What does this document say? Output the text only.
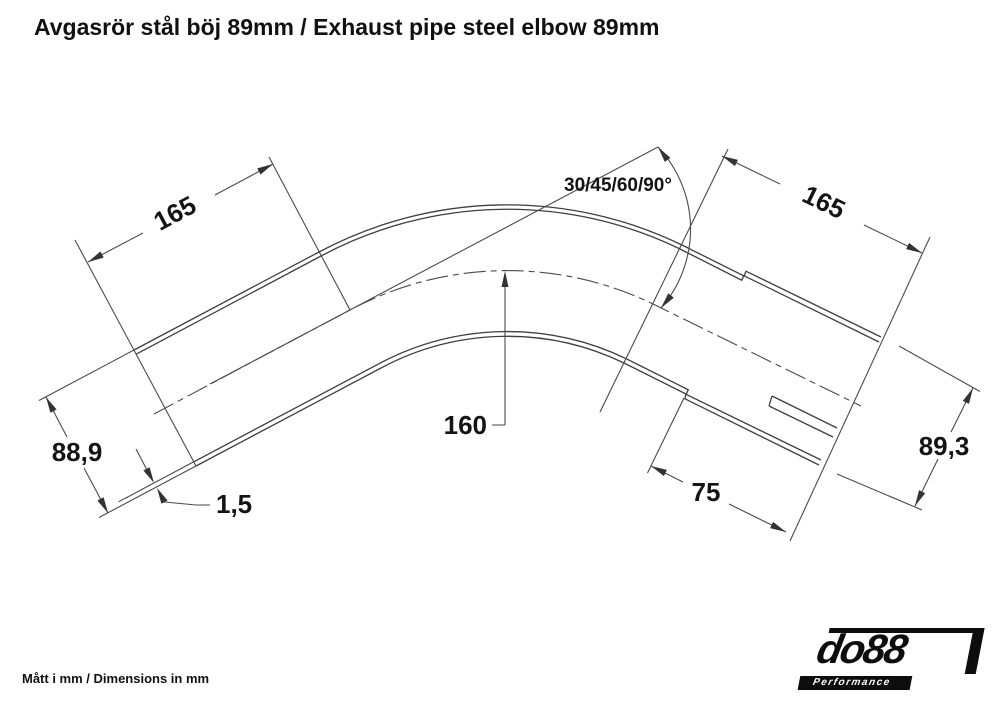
Avgasrör stål böj 89mm / Exhaust pipe steel elbow 89mm
165	165
30/45/60/90°
160
88,9
1,5	75
89,3
Mått i mm / Dimensions in mm
do88
Performance
